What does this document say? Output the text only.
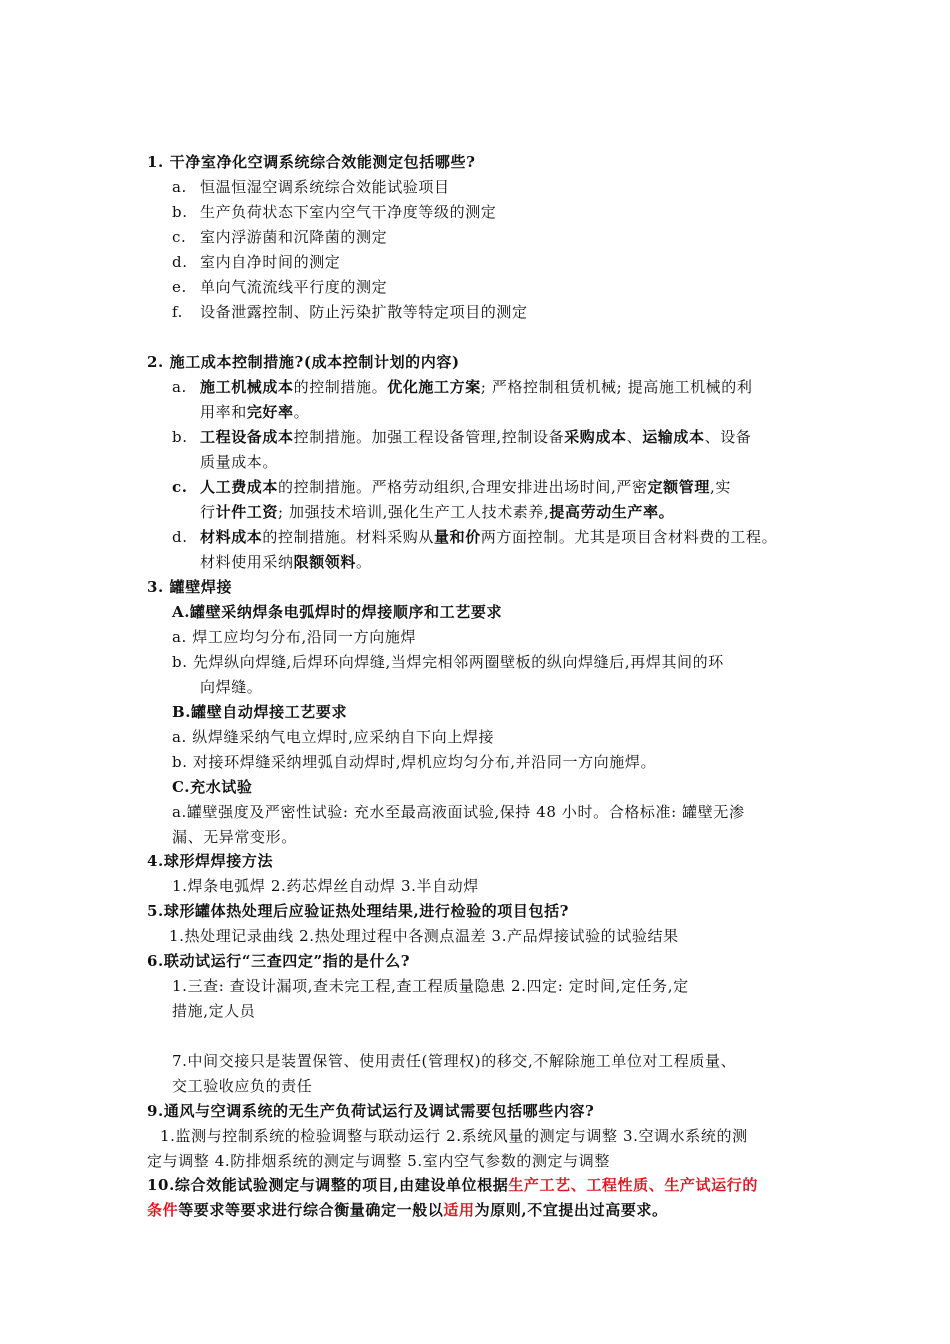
1. 干净室净化空调系统综合效能测定包括哪些?
a. 恒温恒湿空调系统综合效能试验项目
b. 生产负荷状态下室内空气干净度等级的测定
c. 室内浮游菌和沉降菌的测定
d. 室内自净时间的测定
e. 单向气流流线平行度的测定
f. 设备泄露控制、防止污染扩散等特定项目的测定
2. 施工成本控制措施?(成本控制计划的内容)
a. 施工机械成本的控制措施。优化施工方案; 严格控制租赁机械; 提高施工机械的利
用率和完好率。
b. 工程设备成本控制措施。加强工程设备管理,控制设备采购成本、运输成本、设备
质量成本。
c. 人工费成本的控制措施。严格劳动组织,合理安排进出场时间,严密定额管理,实
行计件工资; 加强技术培训,强化生产工人技术素养,提高劳动生产率。
d. 材料成本的控制措施。材料采购从量和价两方面控制。尤其是项目含材料费的工程。
材料使用采纳限额领料。
3. 罐壁焊接
A.罐壁采纳焊条电弧焊时的焊接顺序和工艺要求
a. 焊工应均匀分布,沿同一方向施焊
b. 先焊纵向焊缝,后焊环向焊缝,当焊完相邻两圈壁板的纵向焊缝后,再焊其间的环
向焊缝。
B.罐壁自动焊接工艺要求
a. 纵焊缝采纳气电立焊时,应采纳自下向上焊接
b. 对接环焊缝采纳埋弧自动焊时,焊机应均匀分布,并沿同一方向施焊。
C.充水试验
a.罐壁强度及严密性试验: 充水至最高液面试验,保持 48 小时。合格标准: 罐壁无渗
漏、无异常变形。
4.球形焊焊接方法
1.焊条电弧焊 2.药芯焊丝自动焊 3.半自动焊
5.球形罐体热处理后应验证热处理结果,进行检验的项目包括?
1.热处理记录曲线 2.热处理过程中各测点温差 3.产品焊接试验的试验结果
6.联动试运行“三查四定”指的是什么?
1.三查: 查设计漏项,查未完工程,查工程质量隐患 2.四定: 定时间,定任务,定
措施,定人员
7.中间交接只是装置保管、使用责任(管理权)的移交,不解除施工单位对工程质量、
交工验收应负的责任
9.通风与空调系统的无生产负荷试运行及调试需要包括哪些内容?
1.监测与控制系统的检验调整与联动运行 2.系统风量的测定与调整 3.空调水系统的测
定与调整 4.防排烟系统的测定与调整 5.室内空气参数的测定与调整
10.综合效能试验测定与调整的项目,由建设单位根据生产工艺、工程性质、生产试运行的
条件等要求等要求进行综合衡量确定一般以适用为原则,不宜提出过高要求。
